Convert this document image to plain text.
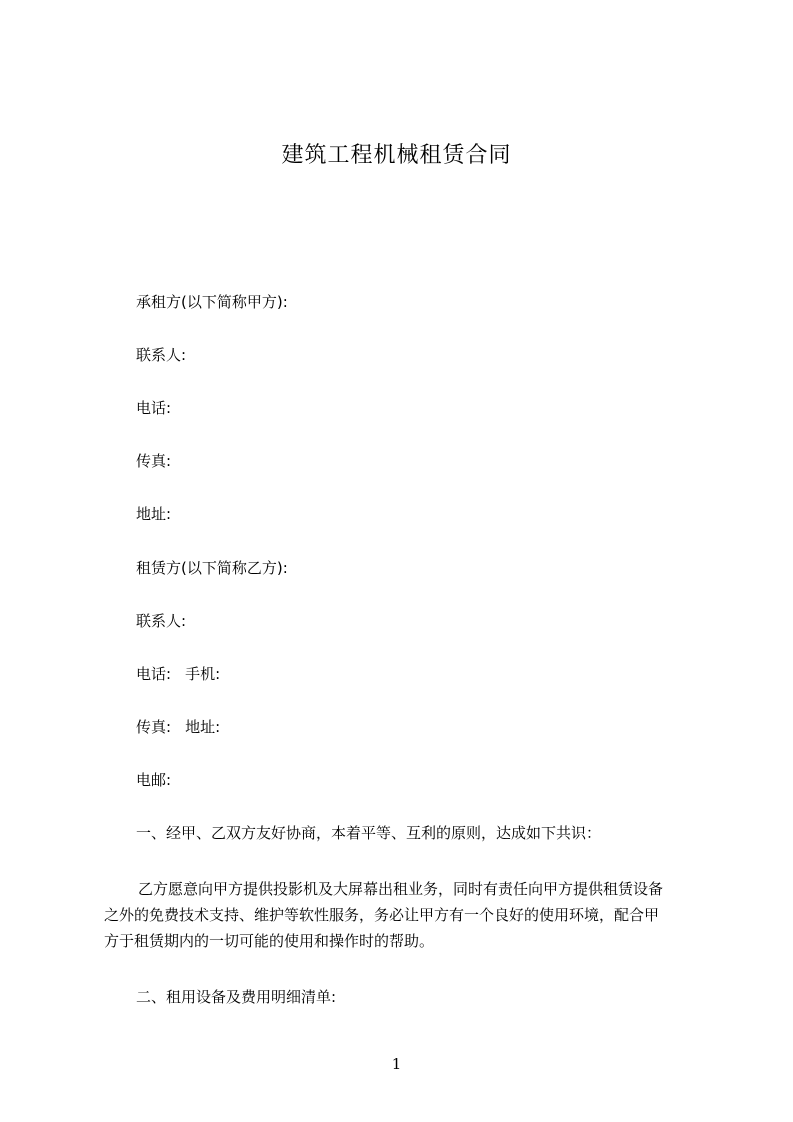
建筑工程机械租赁合同
承租方(以下简称甲方):
联系人:
电话:
传真:
地址:
租赁方(以下简称乙方):
联系人:
电话: 手机:
传真: 地址:
电邮:
一、经甲、乙双方友好协商，本着平等、互利的原则，达成如下共识：
乙方愿意向甲方提供投影机及大屏幕出租业务，同时有责任向甲方提供租赁设备
之外的免费技术支持、维护等软性服务，务必让甲方有一个良好的使用环境，配合甲
方于租赁期内的一切可能的使用和操作时的帮助。
二、租用设备及费用明细清单:
1
